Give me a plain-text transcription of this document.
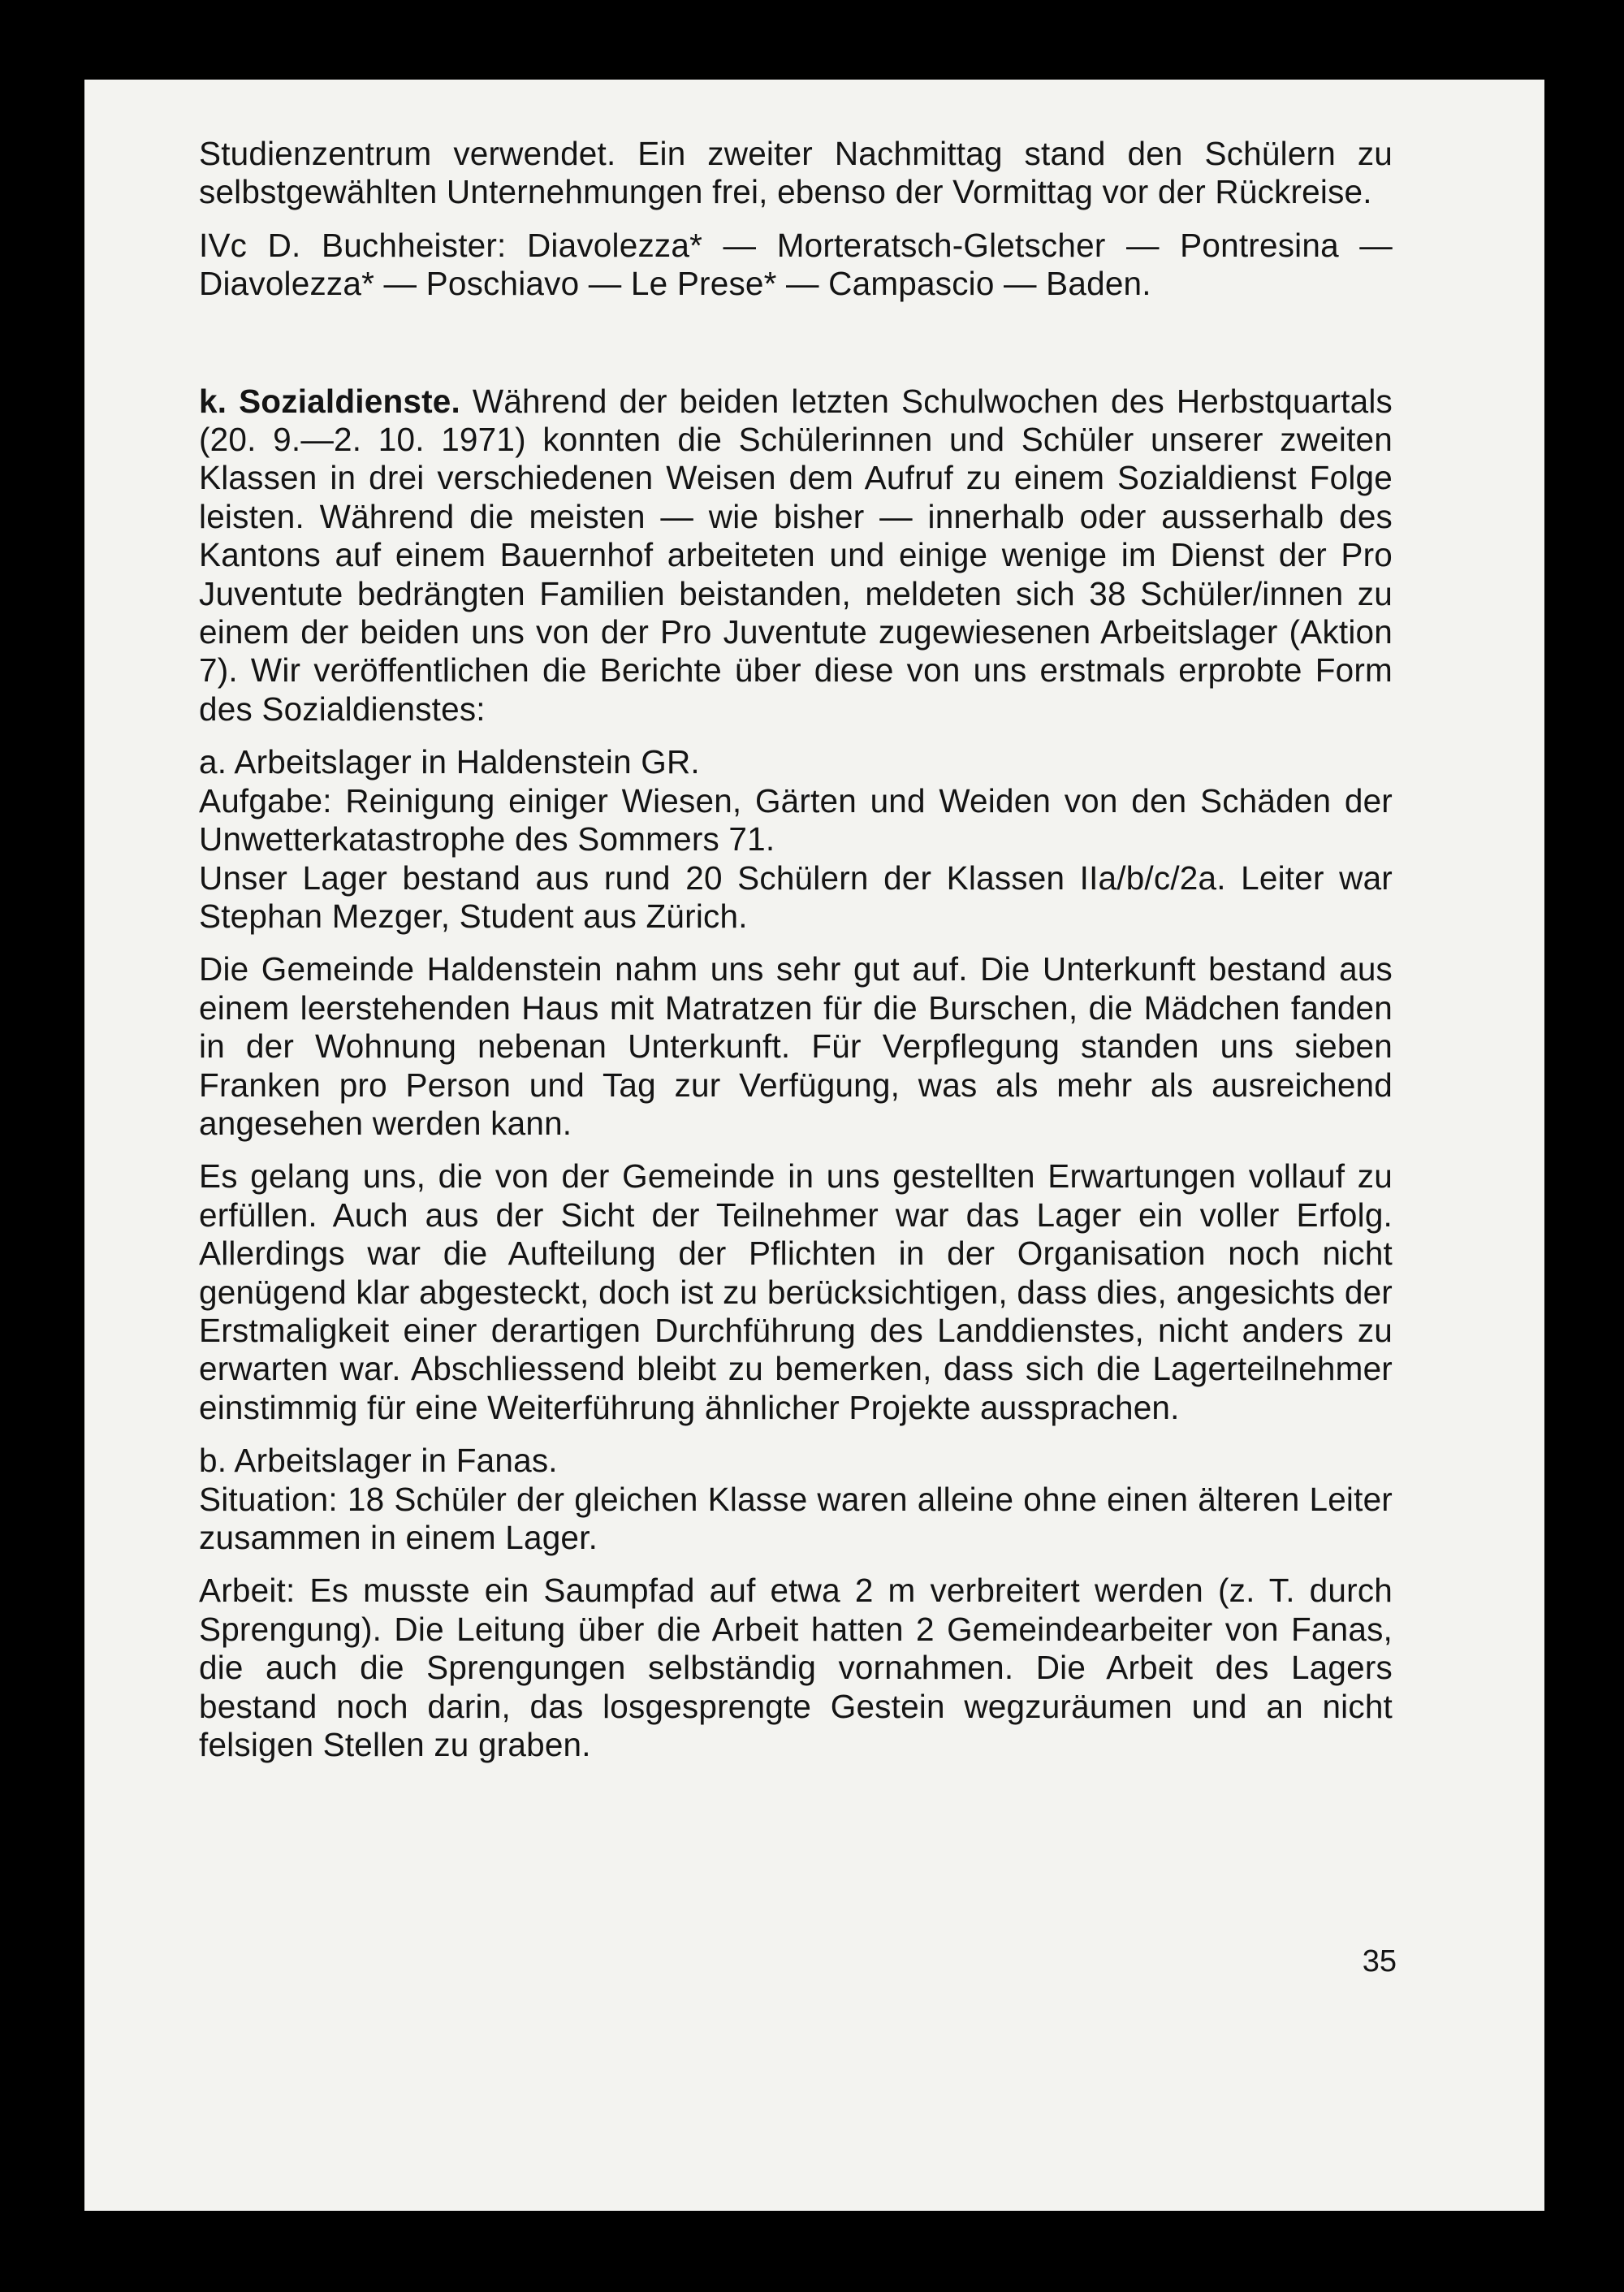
Studienzentrum verwendet. Ein zweiter Nachmittag stand den Schülern zu selbstgewählten Unternehmungen frei, ebenso der Vormittag vor der Rückreise.

IVc D. Buchheister: Diavolezza* — Morteratsch-Gletscher — Pontresina — Diavolezza* — Poschiavo — Le Prese* — Campascio — Baden.

k. Sozialdienste. Während der beiden letzten Schulwochen des Herbstquartals (20. 9.—2. 10. 1971) konnten die Schülerinnen und Schüler unserer zweiten Klassen in drei verschiedenen Weisen dem Aufruf zu einem Sozialdienst Folge leisten. Während die meisten — wie bisher — innerhalb oder ausserhalb des Kantons auf einem Bauernhof arbeiteten und einige wenige im Dienst der Pro Juventute bedrängten Familien beistanden, meldeten sich 38 Schüler/innen zu einem der beiden uns von der Pro Juventute zugewiesenen Arbeitslager (Aktion 7). Wir veröffentlichen die Berichte über diese von uns erstmals erprobte Form des Sozialdienstes:

a. Arbeitslager in Haldenstein GR.

Aufgabe: Reinigung einiger Wiesen, Gärten und Weiden von den Schäden der Unwetterkatastrophe des Sommers 71.

Unser Lager bestand aus rund 20 Schülern der Klassen IIa/b/c/2a. Leiter war Stephan Mezger, Student aus Zürich.

Die Gemeinde Haldenstein nahm uns sehr gut auf. Die Unterkunft bestand aus einem leerstehenden Haus mit Matratzen für die Burschen, die Mädchen fanden in der Wohnung nebenan Unterkunft. Für Verpflegung standen uns sieben Franken pro Person und Tag zur Verfügung, was als mehr als ausreichend angesehen werden kann.

Es gelang uns, die von der Gemeinde in uns gestellten Erwartungen vollauf zu erfüllen. Auch aus der Sicht der Teilnehmer war das Lager ein voller Erfolg. Allerdings war die Aufteilung der Pflichten in der Organisation noch nicht genügend klar abgesteckt, doch ist zu berücksichtigen, dass dies, angesichts der Erstmaligkeit einer derartigen Durchführung des Landdienstes, nicht anders zu erwarten war. Abschliessend bleibt zu bemerken, dass sich die Lagerteilnehmer einstimmig für eine Weiterführung ähnlicher Projekte aussprachen.

b. Arbeitslager in Fanas.

Situation: 18 Schüler der gleichen Klasse waren alleine ohne einen älteren Leiter zusammen in einem Lager.

Arbeit: Es musste ein Saumpfad auf etwa 2 m verbreitert werden (z. T. durch Sprengung). Die Leitung über die Arbeit hatten 2 Gemeindearbeiter von Fanas, die auch die Sprengungen selbständig vornahmen. Die Arbeit des Lagers bestand noch darin, das losgesprengte Gestein wegzuräumen und an nicht felsigen Stellen zu graben.

35
